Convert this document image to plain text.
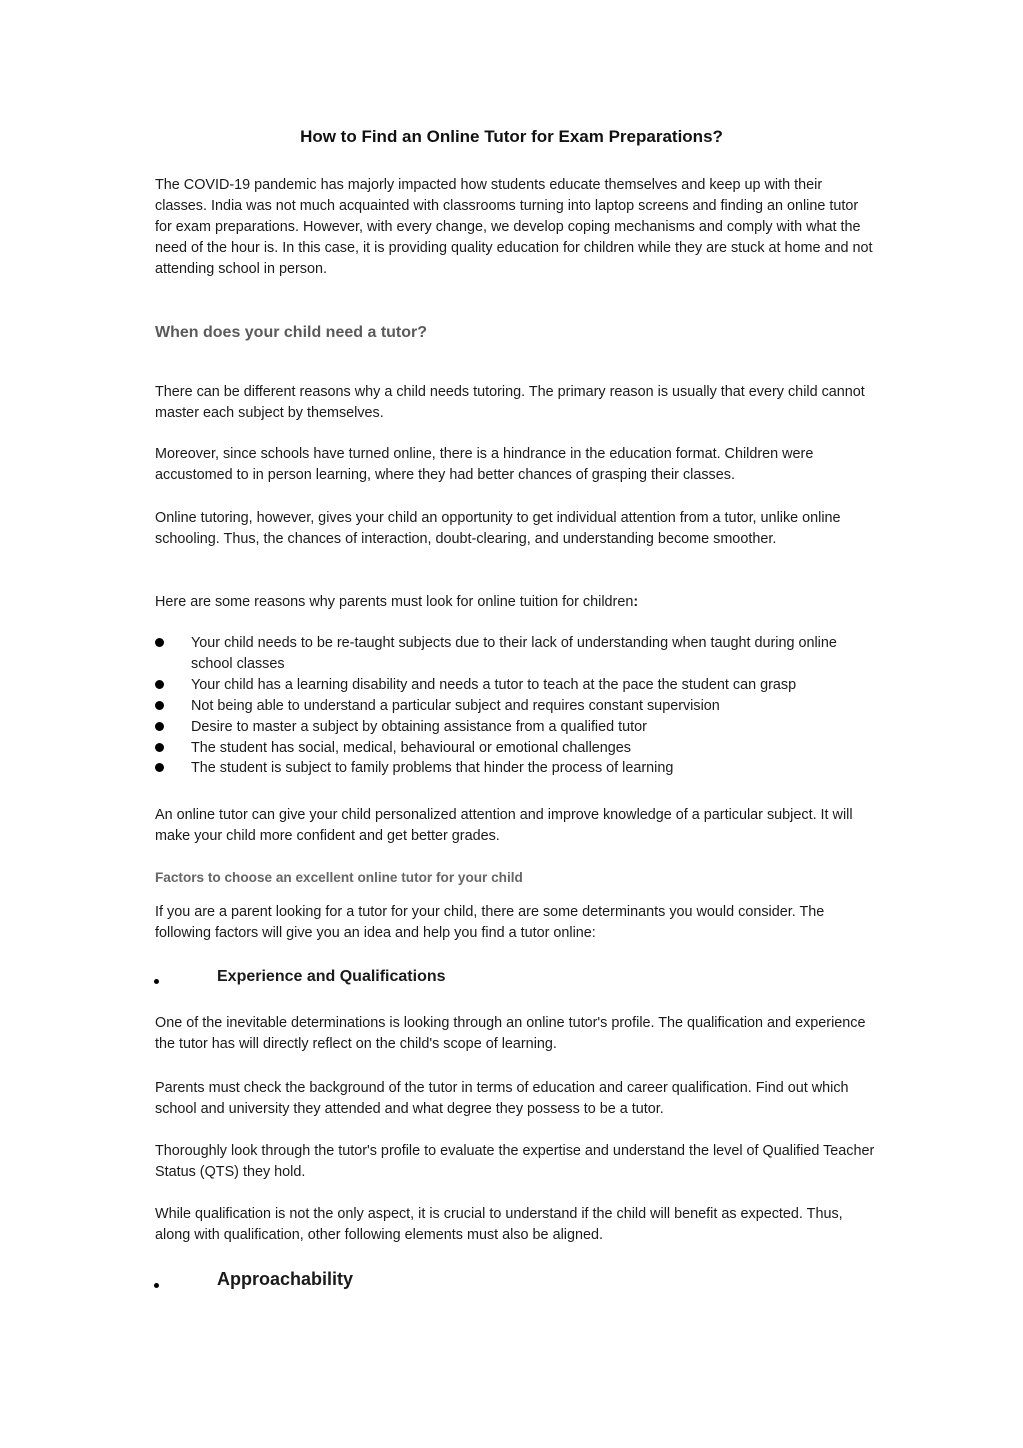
How to Find an Online Tutor for Exam Preparations?

The COVID-19 pandemic has majorly impacted how students educate themselves and keep up with their classes. India was not much acquainted with classrooms turning into laptop screens and finding an online tutor for exam preparations. However, with every change, we develop coping mechanisms and comply with what the need of the hour is. In this case, it is providing quality education for children while they are stuck at home and not attending school in person.

When does your child need a tutor?

There can be different reasons why a child needs tutoring. The primary reason is usually that every child cannot master each subject by themselves.

Moreover, since schools have turned online, there is a hindrance in the education format. Children were accustomed to in person learning, where they had better chances of grasping their classes.

Online tutoring, however, gives your child an opportunity to get individual attention from a tutor, unlike online schooling. Thus, the chances of interaction, doubt-clearing, and understanding become smoother.

Here are some reasons why parents must look for online tuition for children:

Your child needs to be re-taught subjects due to their lack of understanding when taught during online school classes
Your child has a learning disability and needs a tutor to teach at the pace the student can grasp
Not being able to understand a particular subject and requires constant supervision
Desire to master a subject by obtaining assistance from a qualified tutor
The student has social, medical, behavioural or emotional challenges
The student is subject to family problems that hinder the process of learning

An online tutor can give your child personalized attention and improve knowledge of a particular subject. It will make your child more confident and get better grades.

Factors to choose an excellent online tutor for your child

If you are a parent looking for a tutor for your child, there are some determinants you would consider. The following factors will give you an idea and help you find a tutor online:

Experience and Qualifications

One of the inevitable determinations is looking through an online tutor's profile. The qualification and experience the tutor has will directly reflect on the child's scope of learning.

Parents must check the background of the tutor in terms of education and career qualification. Find out which school and university they attended and what degree they possess to be a tutor.

Thoroughly look through the tutor's profile to evaluate the expertise and understand the level of Qualified Teacher Status (QTS) they hold.

While qualification is not the only aspect, it is crucial to understand if the child will benefit as expected. Thus, along with qualification, other following elements must also be aligned.

Approachability
